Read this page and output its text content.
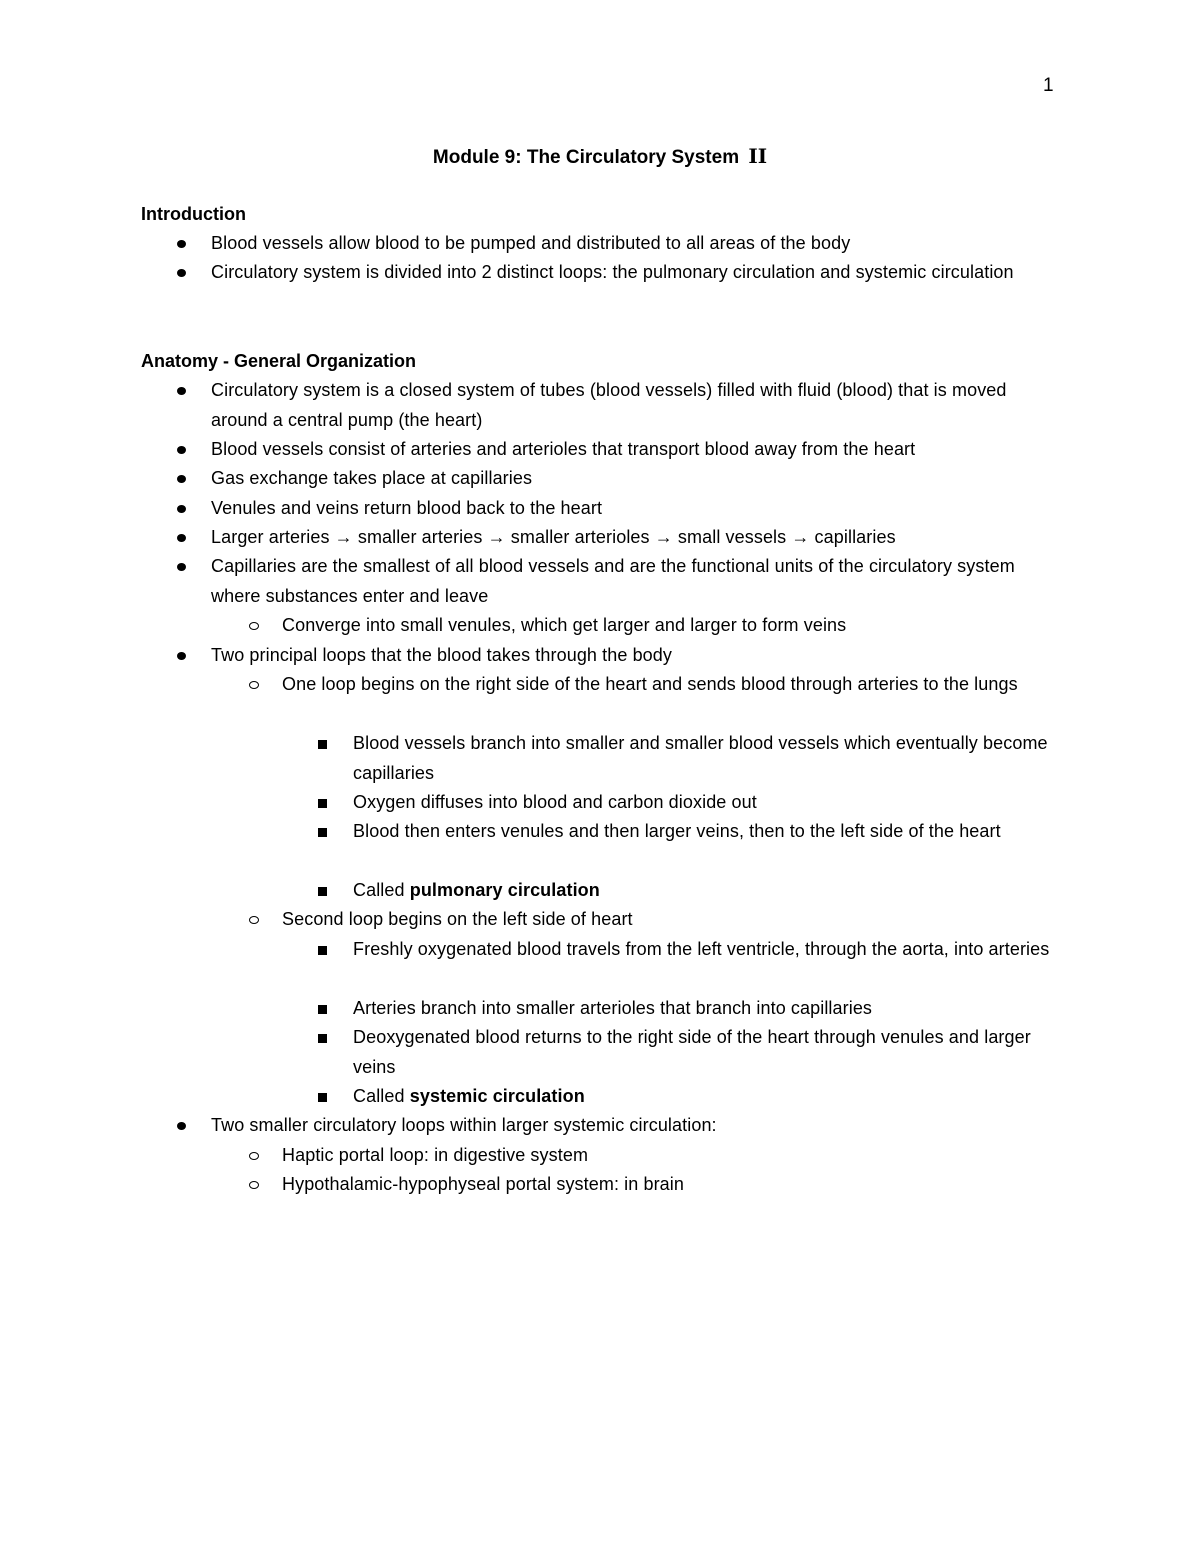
1
Module 9: The Circulatory System II
Introduction
Blood vessels allow blood to be pumped and distributed to all areas of the body
Circulatory system is divided into 2 distinct loops: the pulmonary circulation and systemic circulation
Anatomy - General Organization
Circulatory system is a closed system of tubes (blood vessels) filled with fluid (blood) that is moved around a central pump (the heart)
Blood vessels consist of arteries and arterioles that transport blood away from the heart
Gas exchange takes place at capillaries
Venules and veins return blood back to the heart
Larger arteries → smaller arteries → smaller arterioles → small vessels → capillaries
Capillaries are the smallest of all blood vessels and are the functional units of the circulatory system where substances enter and leave
Converge into small venules, which get larger and larger to form veins
Two principal loops that the blood takes through the body
One loop begins on the right side of the heart and sends blood through arteries to the lungs
Blood vessels branch into smaller and smaller blood vessels which eventually become capillaries
Oxygen diffuses into blood and carbon dioxide out
Blood then enters venules and then larger veins, then to the left side of the heart
Called pulmonary circulation
Second loop begins on the left side of heart
Freshly oxygenated blood travels from the left ventricle, through the aorta, into arteries
Arteries branch into smaller arterioles that branch into capillaries
Deoxygenated blood returns to the right side of the heart through venules and larger veins
Called systemic circulation
Two smaller circulatory loops within larger systemic circulation:
Haptic portal loop: in digestive system
Hypothalamic-hypophyseal portal system: in brain
